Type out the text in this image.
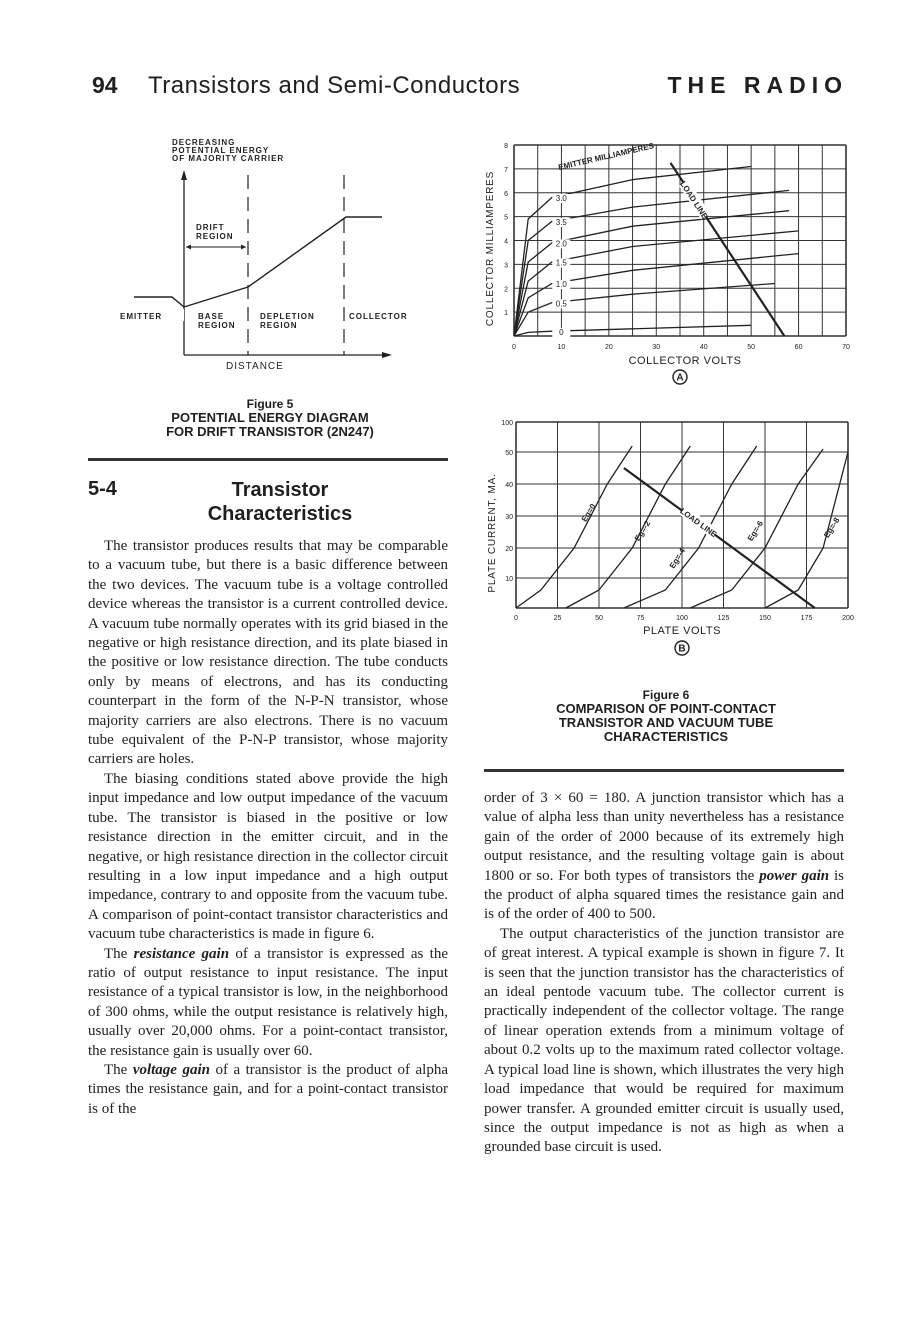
94 Transistors and Semi-Conductors	THE RADIO
DECREASING
POTENTIAL ENERGY
OF MAJORITY CARRIER
DRIFT
REGION
EMITTER	BASE
REGION
DEPLETION
REGION
COLLECTOR
DISTANCE
Figure 5
POTENTIAL ENERGY DIAGRAM
FOR DRIFT TRANSISTOR (2N247)
5-4	Transistor
Characteristics

The transistor produces results that may be comparable to a vacuum tube, but there is a basic difference between the two devices. The vacuum tube is a voltage controlled device whereas the transistor is a current controlled device. A vacuum tube normally operates with its grid biased in the negative or high resistance direction, and its plate biased in the positive or low resistance direction. The tube conducts only by means of electrons, and has its conducting counterpart in the form of the N-P-N transistor, whose majority carriers are also electrons. There is no vacuum tube equivalent of the P-N-P transistor, whose majority carriers are holes.

The biasing conditions stated above provide the high input impedance and low output impedance of the vacuum tube. The transistor is biased in the positive or low resistance direction in the emitter circuit, and in the negative, or high resistance direction in the collector circuit resulting in a low input impedance and a high output impedance, contrary to and opposite from the vacuum tube. A comparison of point-contact transistor characteristics and vacuum tube characteristics is made in figure 6.

The resistance gain of a transistor is expressed as the ratio of output resistance to input resistance. The input resistance of a typical transistor is low, in the neighborhood of 300 ohms, while the output resistance is relatively high, usually over 20,000 ohms. For a point-contact transistor, the resistance gain is usually over 60.

The voltage gain of a transistor is the product of alpha times the resistance gain, and for a point-contact transistor is of the

0	10	20	30	40	50	60	70
1
2
3
4
5
6
7
8
COLLECTOR VOLTS
COLLECTOR MILLIAMPERES
A
0
0.5
1.0
1.5
2.0
3.5
3.0
EMITTER MILLIAMPERES
LOAD LINE
0	25	50	75	100	125	150	175	200
10
20
30
40
50
100
PLATE VOLTS
PLATE CURRENT, MA.
B
LOAD LINE
Eg=0
Eg=-2
Eg=-4
Eg=-6	Eg=-8
Figure 6
COMPARISON OF POINT-CONTACT
TRANSISTOR AND VACUUM TUBE
CHARACTERISTICS

order of 3 × 60 = 180. A junction transistor which has a value of alpha less than unity nevertheless has a resistance gain of the order of 2000 because of its extremely high output resistance, and the resulting voltage gain is about 1800 or so. For both types of transistors the power gain is the product of alpha squared times the resistance gain and is of the order of 400 to 500.

The output characteristics of the junction transistor are of great interest. A typical example is shown in figure 7. It is seen that the junction transistor has the characteristics of an ideal pentode vacuum tube. The collector current is practically independent of the collector voltage. The range of linear operation extends from a minimum voltage of about 0.2 volts up to the maximum rated collector voltage. A typical load line is shown, which illustrates the very high load impedance that would be required for maximum power transfer. A grounded emitter circuit is usually used, since the output impedance is not as high as when a grounded base circuit is used.
